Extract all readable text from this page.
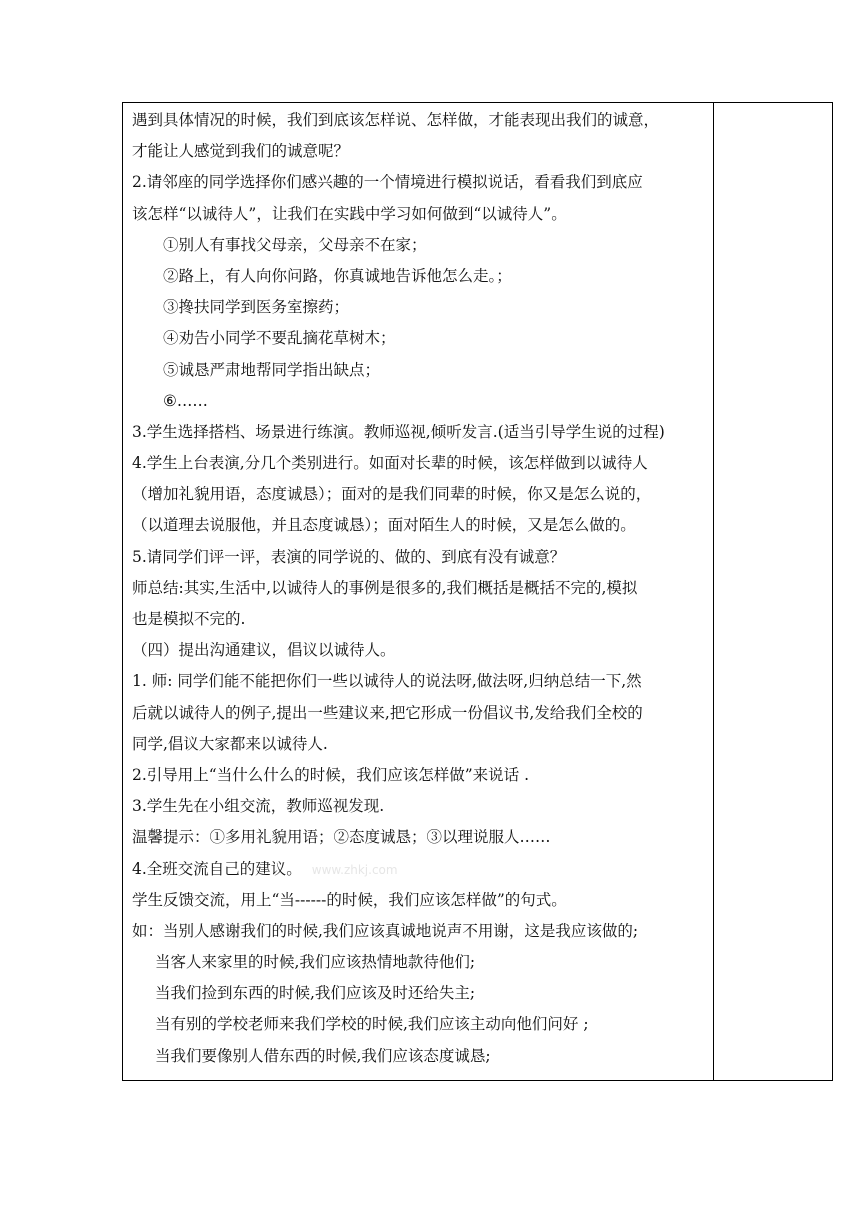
遇到具体情况的时候，我们到底该怎样说、怎样做，才能表现出我们的诚意，
才能让人感觉到我们的诚意呢？
2.请邻座的同学选择你们感兴趣的一个情境进行模拟说话，看看我们到底应
该怎样“以诚待人”，让我们在实践中学习如何做到“以诚待人”。
①别人有事找父母亲，父母亲不在家；
②路上，有人向你问路，你真诚地告诉他怎么走。；
③搀扶同学到医务室擦药；
④劝告小同学不要乱摘花草树木；
⑤诚恳严肃地帮同学指出缺点；
⑥……
3.学生选择搭档、场景进行练演。教师巡视,倾听发言.(适当引导学生说的过程)
4.学生上台表演,分几个类别进行。如面对长辈的时候，该怎样做到以诚待人
（增加礼貌用语，态度诚恳）；面对的是我们同辈的时候，你又是怎么说的，
（以道理去说服他，并且态度诚恳）；面对陌生人的时候，又是怎么做的。
5.请同学们评一评，表演的同学说的、做的、到底有没有诚意？
师总结:其实,生活中,以诚待人的事例是很多的,我们概括是概括不完的,模拟
也是模拟不完的.
（四）提出沟通建议，倡议以诚待人。
1. 师: 同学们能不能把你们一些以诚待人的说法呀,做法呀,归纳总结一下,然
后就以诚待人的例子,提出一些建议来,把它形成一份倡议书,发给我们全校的
同学,倡议大家都来以诚待人.
2.引导用上“当什么什么的时候，我们应该怎样做”来说话 .
3.学生先在小组交流，教师巡视发现.
温馨提示：①多用礼貌用语；②态度诚恳；③以理说服人……
4.全班交流自己的建议。 www.zhkj.com
学生反馈交流，用上“当------的时候，我们应该怎样做”的句式。
如：当别人感谢我们的时候,我们应该真诚地说声不用谢，这是我应该做的;
当客人来家里的时候,我们应该热情地款待他们;
当我们捡到东西的时候,我们应该及时还给失主;
当有别的学校老师来我们学校的时候,我们应该主动向他们问好 ;
当我们要像别人借东西的时候,我们应该态度诚恳;
